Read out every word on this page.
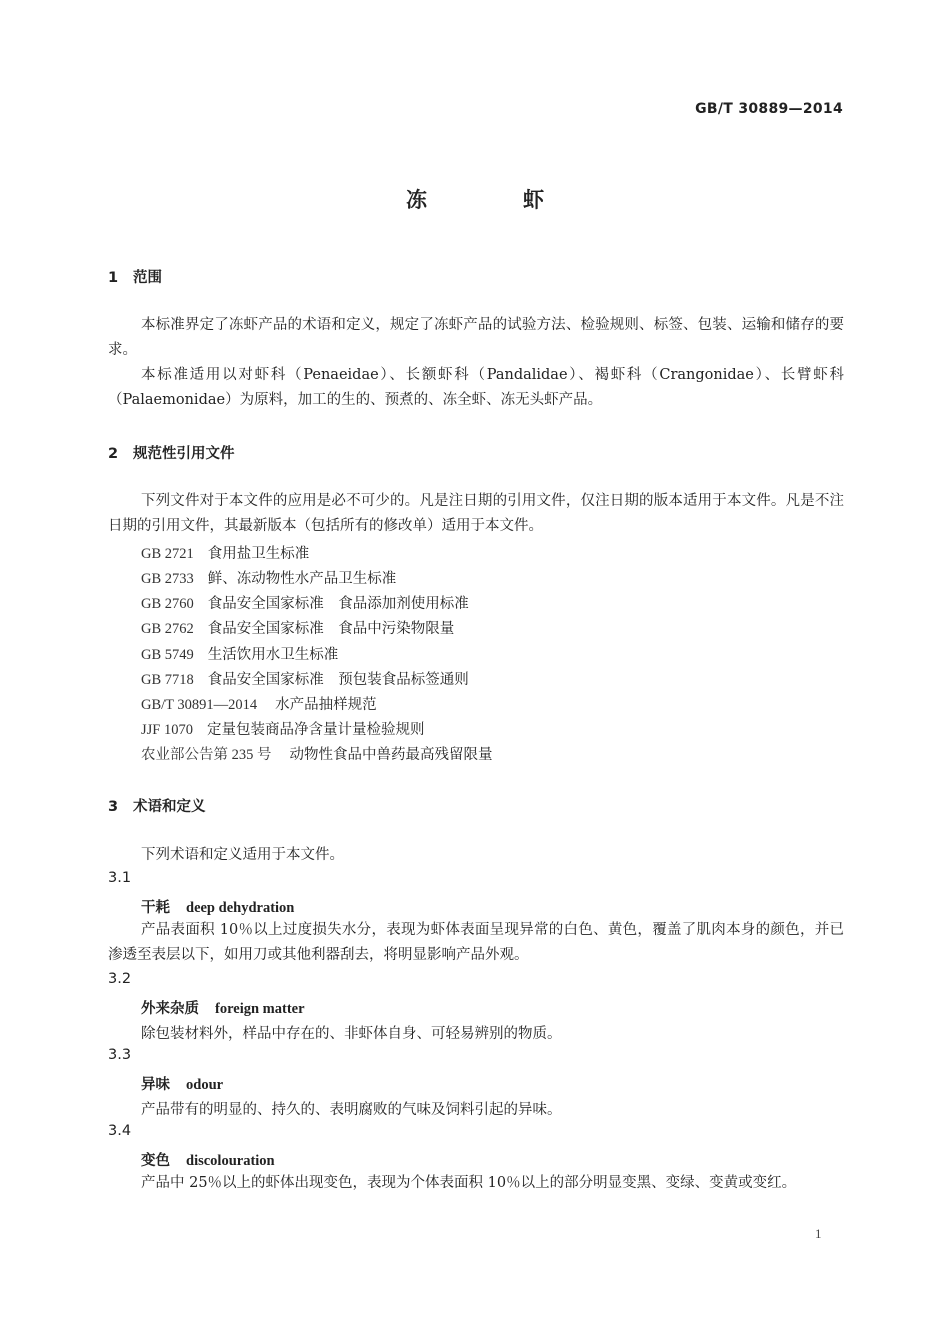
GB/T 30889—2014
冻	虾
1 范围
本标准界定了冻虾产品的术语和定义，规定了冻虾产品的试验方法、检验规则、标签、包装、运输和储存的要求。
本标准适用以对虾科（Penaeidae）、长额虾科（Pandalidae）、褐虾科（Crangonidae）、长臂虾科（Palaemonidae）为原料，加工的生的、预煮的、冻全虾、冻无头虾产品。
2 规范性引用文件
下列文件对于本文件的应用是必不可少的。凡是注日期的引用文件，仅注日期的版本适用于本文件。凡是不注日期的引用文件，其最新版本（包括所有的修改单）适用于本文件。
GB 2721 食用盐卫生标准
GB 2733 鲜、冻动物性水产品卫生标准
GB 2760 食品安全国家标准　食品添加剂使用标准
GB 2762 食品安全国家标准　食品中污染物限量
GB 5749 生活饮用水卫生标准
GB 7718 食品安全国家标准　预包装食品标签通则
GB/T 30891—2014 水产品抽样规范
JJF 1070 定量包装商品净含量计量检验规则
农业部公告第 235 号 动物性食品中兽药最高残留限量
3 术语和定义
下列术语和定义适用于本文件。
3.1
干耗 deep dehydration
产品表面积 10％以上过度损失水分，表现为虾体表面呈现异常的白色、黄色，覆盖了肌肉本身的颜色，并已渗透至表层以下，如用刀或其他利器刮去，将明显影响产品外观。
3.2
外来杂质 foreign matter
除包装材料外，样品中存在的、非虾体自身、可轻易辨别的物质。
3.3
异味 odour
产品带有的明显的、持久的、表明腐败的气味及饲料引起的异味。
3.4
变色 discolouration
产品中 25％以上的虾体出现变色，表现为个体表面积 10％以上的部分明显变黑、变绿、变黄或变红。
1
